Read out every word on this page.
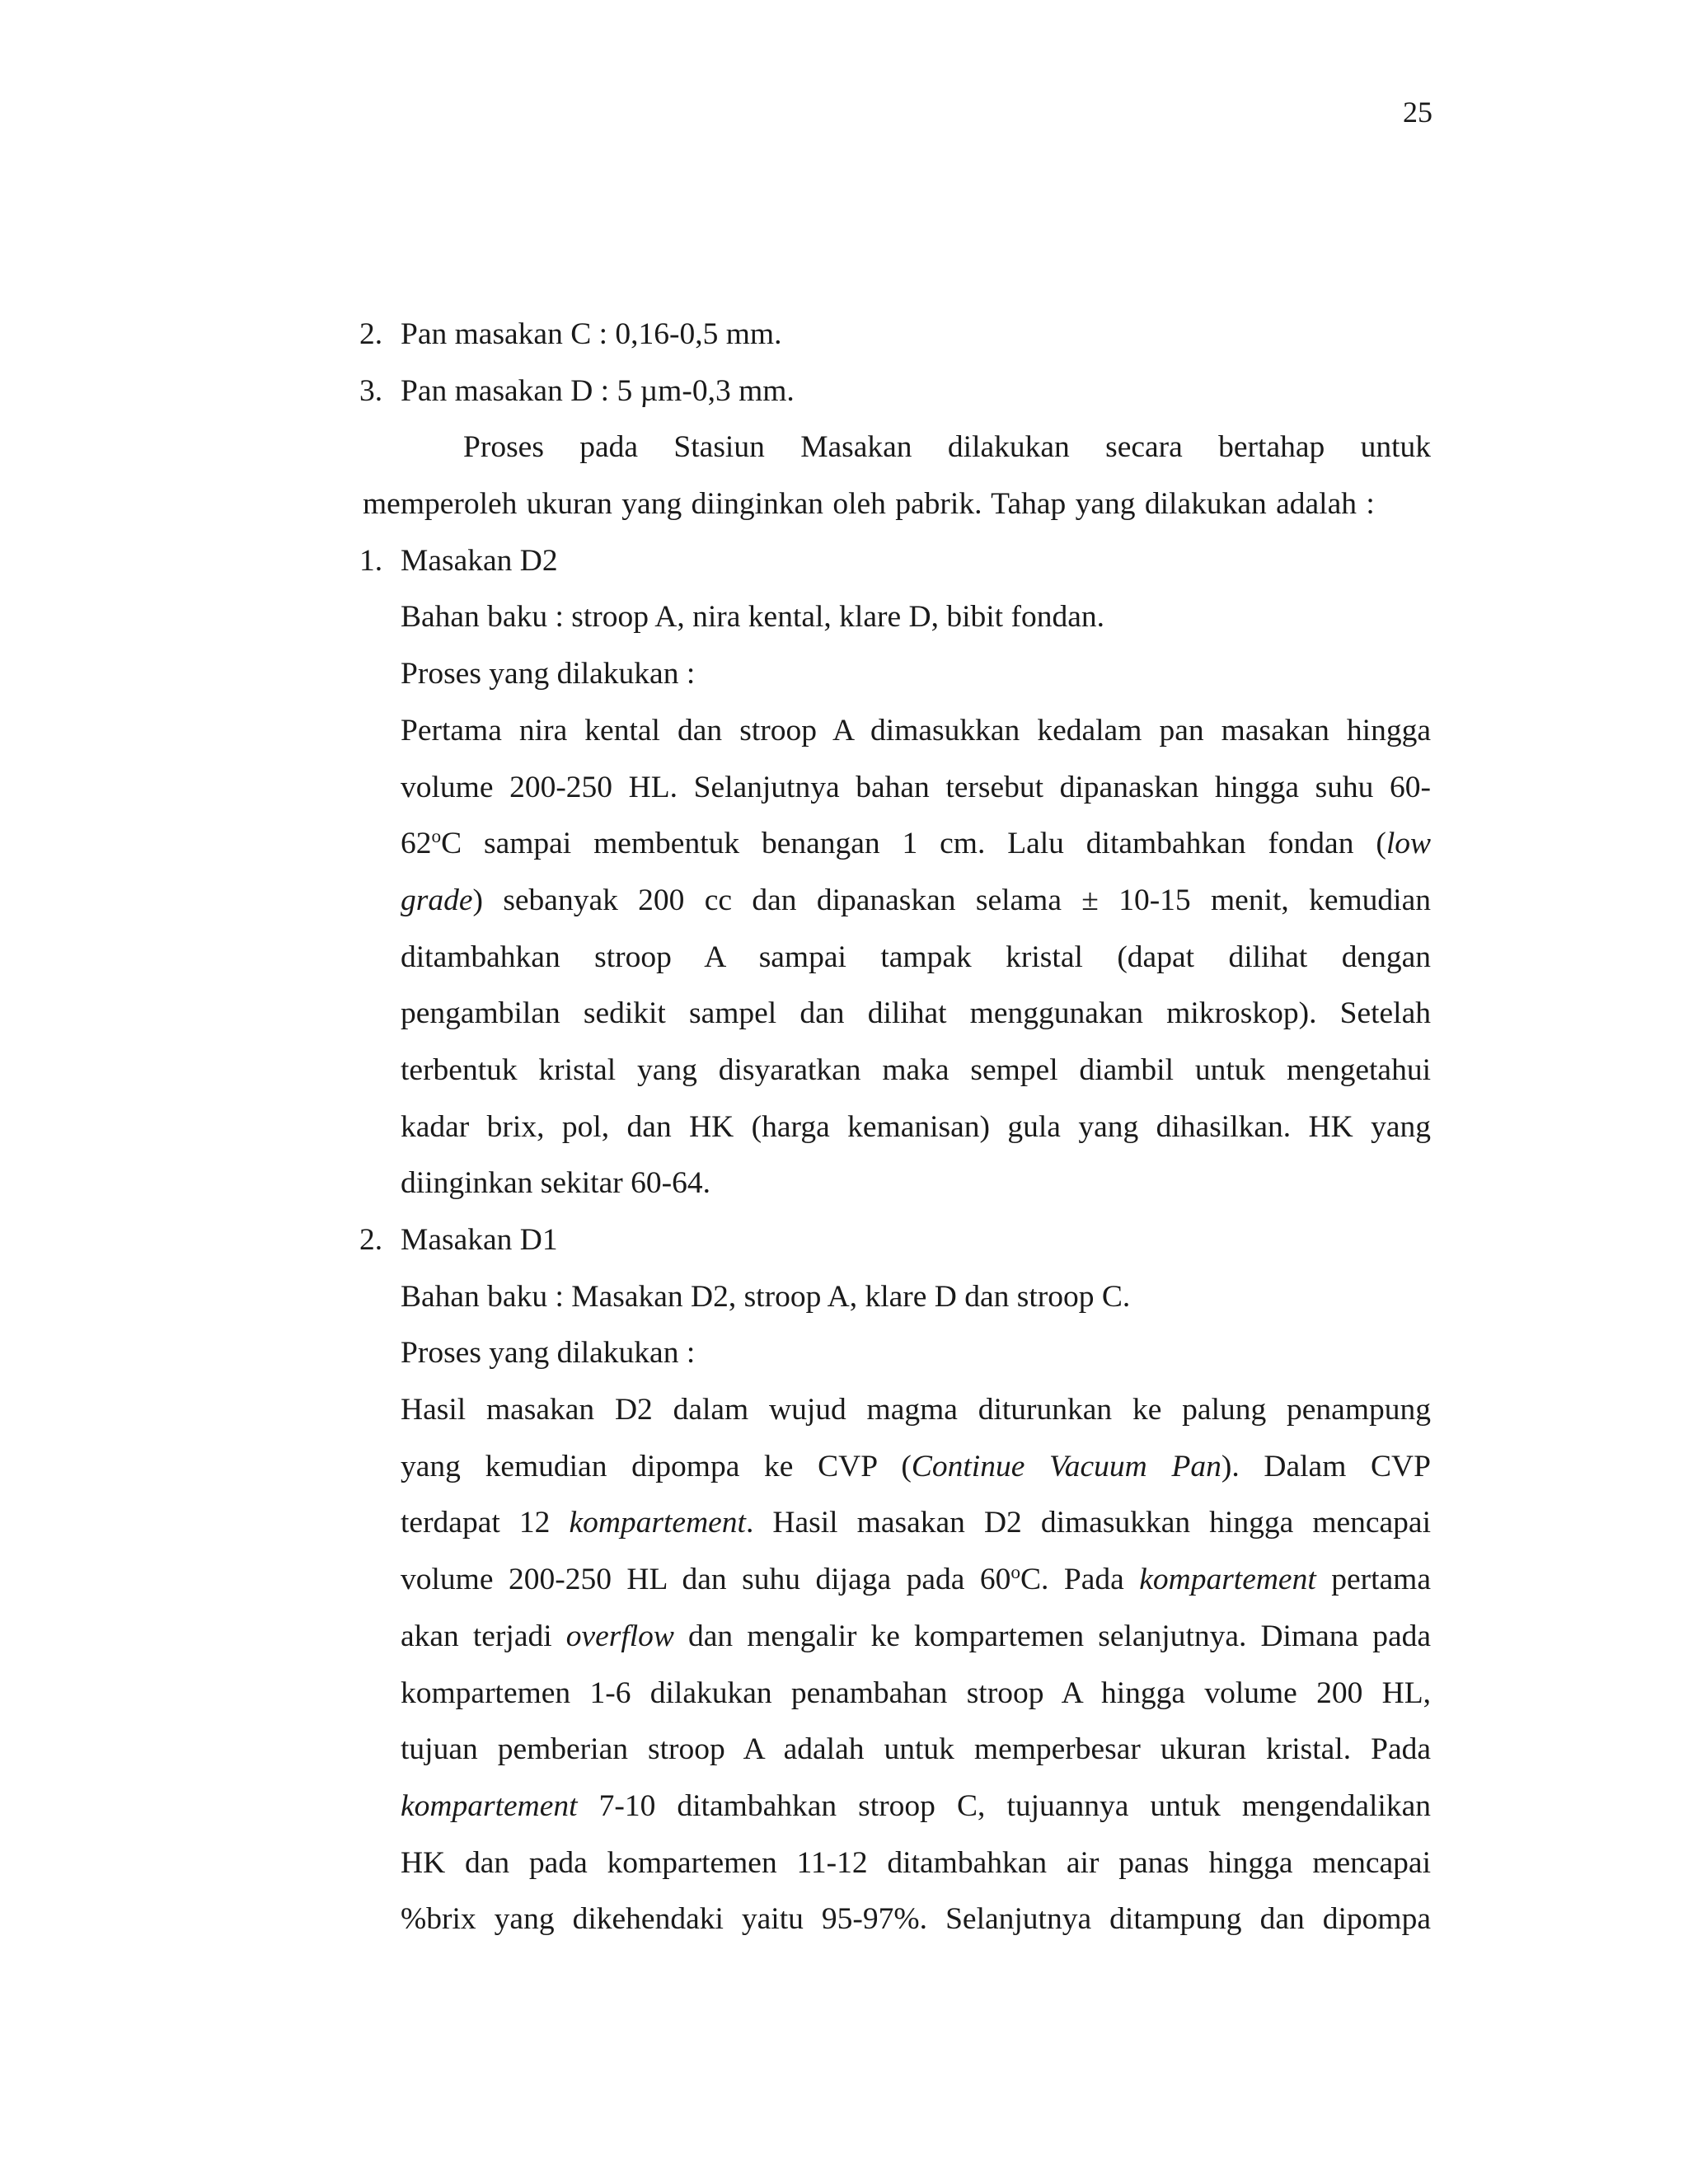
25
2. Pan masakan C : 0,16-0,5 mm.
3. Pan masakan D : 5 µm-0,3 mm.
Proses pada Stasiun Masakan dilakukan secara bertahap untuk
memperoleh ukuran yang diinginkan oleh pabrik. Tahap yang dilakukan adalah :
1. Masakan D2
Bahan baku : stroop A, nira kental, klare D, bibit fondan.
Proses yang dilakukan :
Pertama nira kental dan stroop A dimasukkan kedalam pan masakan hingga
volume 200-250 HL. Selanjutnya bahan tersebut dipanaskan hingga suhu 60-
62$^o$C sampai membentuk benangan 1 cm. Lalu ditambahkan fondan (low
grade) sebanyak 200 cc dan dipanaskan selama ± 10-15 menit, kemudian
ditambahkan stroop A sampai tampak kristal (dapat dilihat dengan
pengambilan sedikit sampel dan dilihat menggunakan mikroskop). Setelah
terbentuk kristal yang disyaratkan maka sempel diambil untuk mengetahui
kadar brix, pol, dan HK (harga kemanisan) gula yang dihasilkan. HK yang
diinginkan sekitar 60-64.
2. Masakan D1
Bahan baku : Masakan D2, stroop A, klare D dan stroop C.
Proses yang dilakukan :
Hasil masakan D2 dalam wujud magma diturunkan ke palung penampung
yang kemudian dipompa ke CVP (Continue Vacuum Pan). Dalam CVP
terdapat 12 kompartement. Hasil masakan D2 dimasukkan hingga mencapai
volume 200-250 HL dan suhu dijaga pada 60$^o$C. Pada kompartement pertama
akan terjadi overflow dan mengalir ke kompartemen selanjutnya. Dimana pada
kompartemen 1-6 dilakukan penambahan stroop A hingga volume 200 HL,
tujuan pemberian stroop A adalah untuk memperbesar ukuran kristal. Pada
kompartement 7-10 ditambahkan stroop C, tujuannya untuk mengendalikan
HK dan pada kompartemen 11-12 ditambahkan air panas hingga mencapai
%brix yang dikehendaki yaitu 95-97%. Selanjutnya ditampung dan dipompa
